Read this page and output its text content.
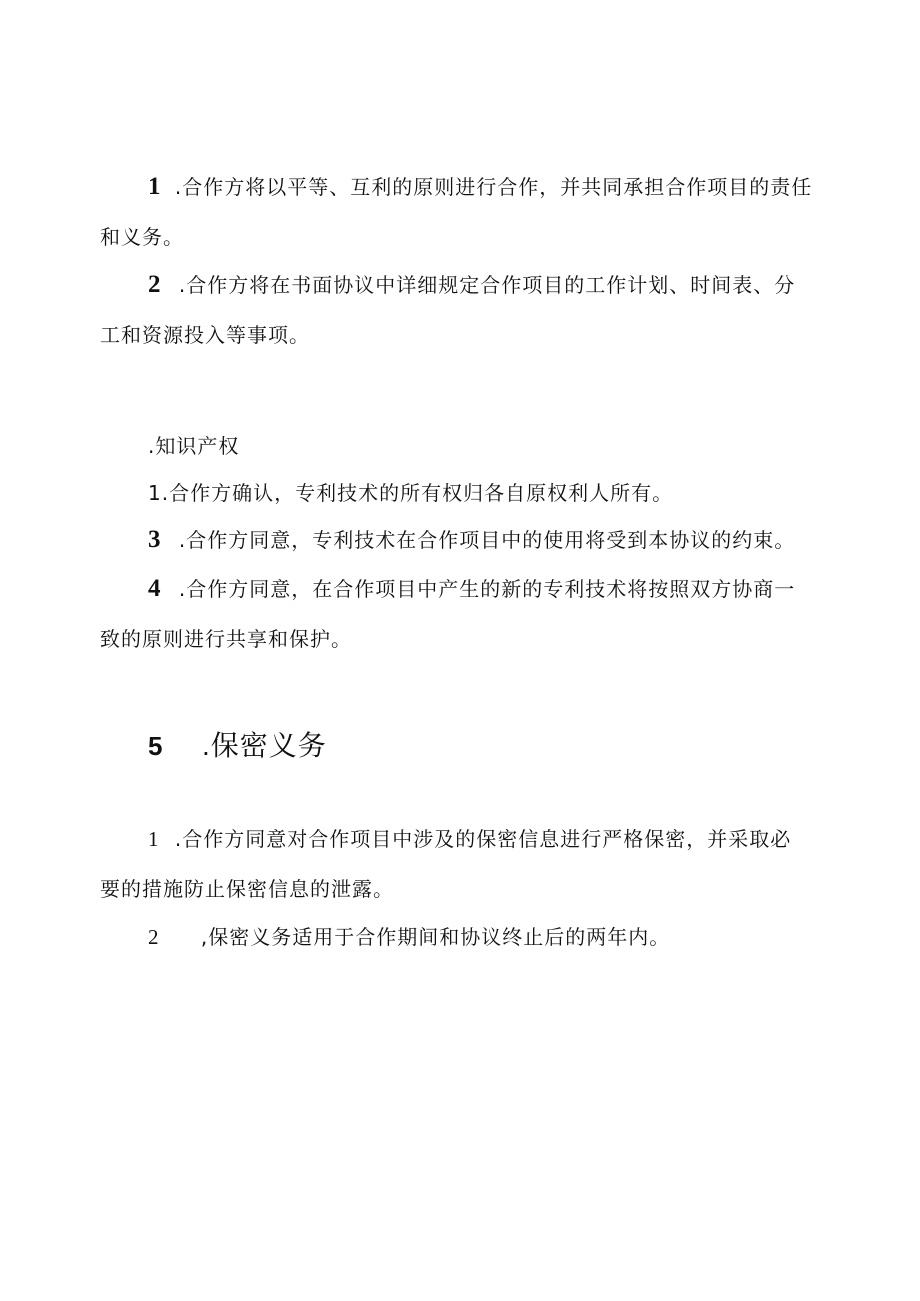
1 .合作方将以平等、互利的原则进行合作，并共同承担合作项目的责任
和义务。
2 .合作方将在书面协议中详细规定合作项目的工作计划、时间表、分
工和资源投入等事项。
.知识产权
1.合作方确认，专利技术的所有权归各自原权利人所有。
3 .合作方同意，专利技术在合作项目中的使用将受到本协议的约束。
4 .合作方同意，在合作项目中产生的新的专利技术将按照双方协商一
致的原则进行共享和保护。
5 .保密义务
1 .合作方同意对合作项目中涉及的保密信息进行严格保密，并采取必
要的措施防止保密信息的泄露。
2 ,保密义务适用于合作期间和协议终止后的两年内。
